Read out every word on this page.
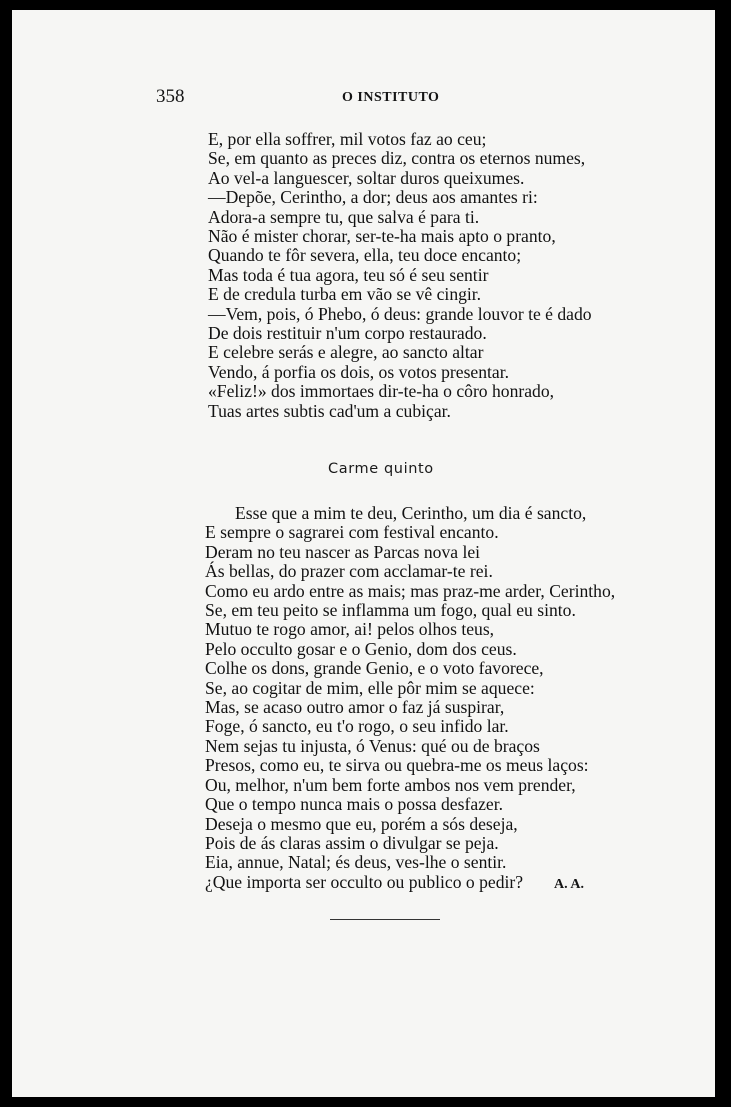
358	O INSTITUTO
E, por ella soffrer, mil votos faz ao ceu;
Se, em quanto as preces diz, contra os eternos numes,
Ao vel-a languescer, soltar duros queixumes.
—Depõe, Cerintho, a dor; deus aos amantes ri:
Adora-a sempre tu, que salva é para ti.
Não é mister chorar, ser-te-ha mais apto o pranto,
Quando te fôr severa, ella, teu doce encanto;
Mas toda é tua agora, teu só é seu sentir
E de credula turba em vão se vê cingir.
—Vem, pois, ó Phebo, ó deus: grande louvor te é dado
De dois restituir n'um corpo restaurado.
E celebre serás e alegre, ao sancto altar
Vendo, á porfia os dois, os votos presentar.
«Feliz!» dos immortaes dir-te-ha o côro honrado,
Tuas artes subtis cad'um a cubiçar.
Carme quinto
Esse que a mim te deu, Cerintho, um dia é sancto,
E sempre o sagrarei com festival encanto.
Deram no teu nascer as Parcas nova lei
Ás bellas, do prazer com acclamar-te rei.
Como eu ardo entre as mais; mas praz-me arder, Cerintho,
Se, em teu peito se inflamma um fogo, qual eu sinto.
Mutuo te rogo amor, ai! pelos olhos teus,
Pelo occulto gosar e o Genio, dom dos ceus.
Colhe os dons, grande Genio, e o voto favorece,
Se, ao cogitar de mim, elle pôr mim se aquece:
Mas, se acaso outro amor o faz já suspirar,
Foge, ó sancto, eu t'o rogo, o seu infido lar.
Nem sejas tu injusta, ó Venus: qué ou de braços
Presos, como eu, te sirva ou quebra-me os meus laços:
Ou, melhor, n'um bem forte ambos nos vem prender,
Que o tempo nunca mais o possa desfazer.
Deseja o mesmo que eu, porém a sós deseja,
Pois de ás claras assim o divulgar se peja.
Eia, annue, Natal; és deus, ves-lhe o sentir.
¿Que importa ser occulto ou publico o pedir?	A. A.
